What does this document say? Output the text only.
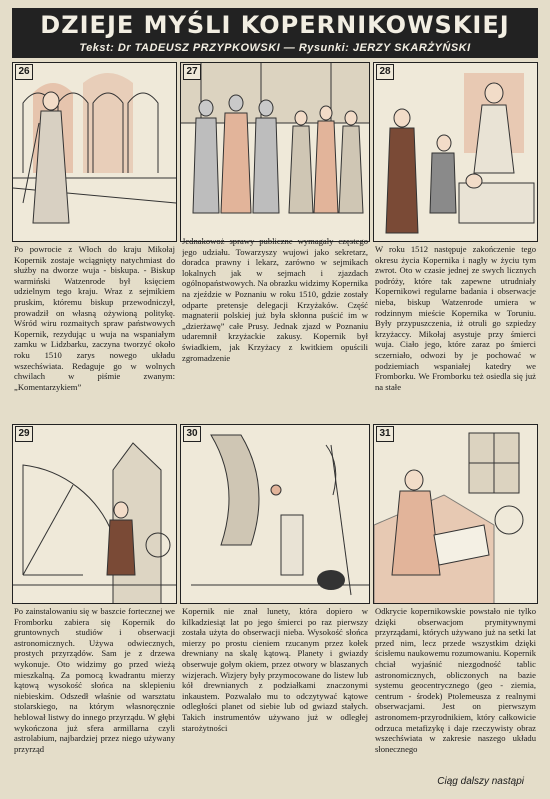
DZIEJE MYŚLI KOPERNIKOWSKIEJ
Tekst: Dr TADEUSZ PRZYPKOWSKI — Rysunki: JERZY SKARŻYŃSKI
26
Po powrocie z Włoch do kraju Mikołaj Kopernik zostaje wciągnięty natychmiast do służby na dworze wuja - biskupa. - Biskup warmiński Watzenrode był księciem udzielnym tego kraju. Wraz z sejmikiem pruskim, któremu biskup przewodniczył, prowadził on własną ożywioną politykę. Wśród wiru rozmaitych spraw państwowych Kopernik, rezydując u wuja na wspaniałym zamku w Lidzbarku, zaczyna tworzyć około roku 1510 zarys nowego układu wszechświata. Redaguje go w wolnych chwilach w piśmie zwanym: „Komentarzykiem”
27
Jednakowoż sprawy publiczne wymagały częstego jego udziału. Towarzyszy wujowi jako sekretarz, doradca prawny i lekarz, zarówno w sejmikach lokalnych jak w sejmach i zjazdach ogólnopaństwowych. Na obrazku widzimy Kopernika na zjeździe w Poznaniu w roku 1510, gdzie zostały odparte pretensje delegacji Krzyżaków. Część magnaterii polskiej już była skłonna puścić im w „dzierżawę” całe Prusy. Jednak zjazd w Poznaniu udaremnił krzyżackie zakusy. Kopernik był świadkiem, jak Krzyżacy z kwitkiem opuścili zgromadzenie
28
W roku 1512 następuje zakończenie tego okresu życia Kopernika i nagły w życiu tym zwrot. Oto w czasie jednej ze swych licznych podróży, które tak zapewne utrudniały Kopernikowi regularne badania i obserwacje nieba, biskup Watzenrode umiera w rodzinnym mieście Kopernika w Toruniu. Były przypuszczenia, iż otruli go szpiedzy krzyżaccy. Mikołaj asystuje przy śmierci wuja. Ciało jego, które zaraz po śmierci sczerniało, odwozi by je pochować w podziemiach wspaniałej katedry we Fromborku. We Fromborku też osiedla się już na stałe
29
Po zainstalowaniu się w baszcie fortecznej we Fromborku zabiera się Kopernik do gruntownych studiów i obserwacji astronomicznych. Używa odwiecznych, prostych przyrządów. Sam je z drzewa wykonuje. Oto widzimy go przed wieżą mieszkalną. Za pomocą kwadrantu mierzy kątową wysokość słońca na sklepieniu niebieskim. Odszedł właśnie od warsztatu stolarskiego, na którym własnoręcznie heblował listwy do innego przyrządu. W głębi wykończona już sfera armillarna czyli astrolabium, najbardziej przez niego używany przyrząd
30
Kopernik nie znał lunety, która dopiero w kilkadziesiąt lat po jego śmierci po raz pierwszy została użyta do obserwacji nieba. Wysokość słońca mierzy po prostu cieniem rzucanym przez kołek drewniany na skalę kątową. Planety i gwiazdy obserwuje gołym okiem, przez otwory w blaszanych wizjerach. Wizjery były przymocowane do listew lub kół drewnianych z podziałkami znaczonymi inkaustem. Pozwalało mu to odczytywać kątowe odległości planet od siebie lub od gwiazd stałych. Takich instrumentów używano już w odległej starożytności
31
Odkrycie kopernikowskie powstało nie tylko dzięki obserwacjom prymitywnymi przyrządami, których używano już na setki lat przed nim, lecz przede wszystkim dzięki ścisłemu naukowemu rozumowaniu. Kopernik chciał wyjaśnić niezgodność tablic astronomicznych, obliczonych na bazie systemu geocentrycznego (geo - ziemia, centrum - środek) Ptolemeusza z realnymi obserwacjami. Jest on pierwszym astronomem-przyrodnikiem, który całkowicie odrzuca metafizykę i daje rzeczywisty obraz wszechświata w zakresie naszego układu słonecznego
Ciąg dalszy nastąpi
